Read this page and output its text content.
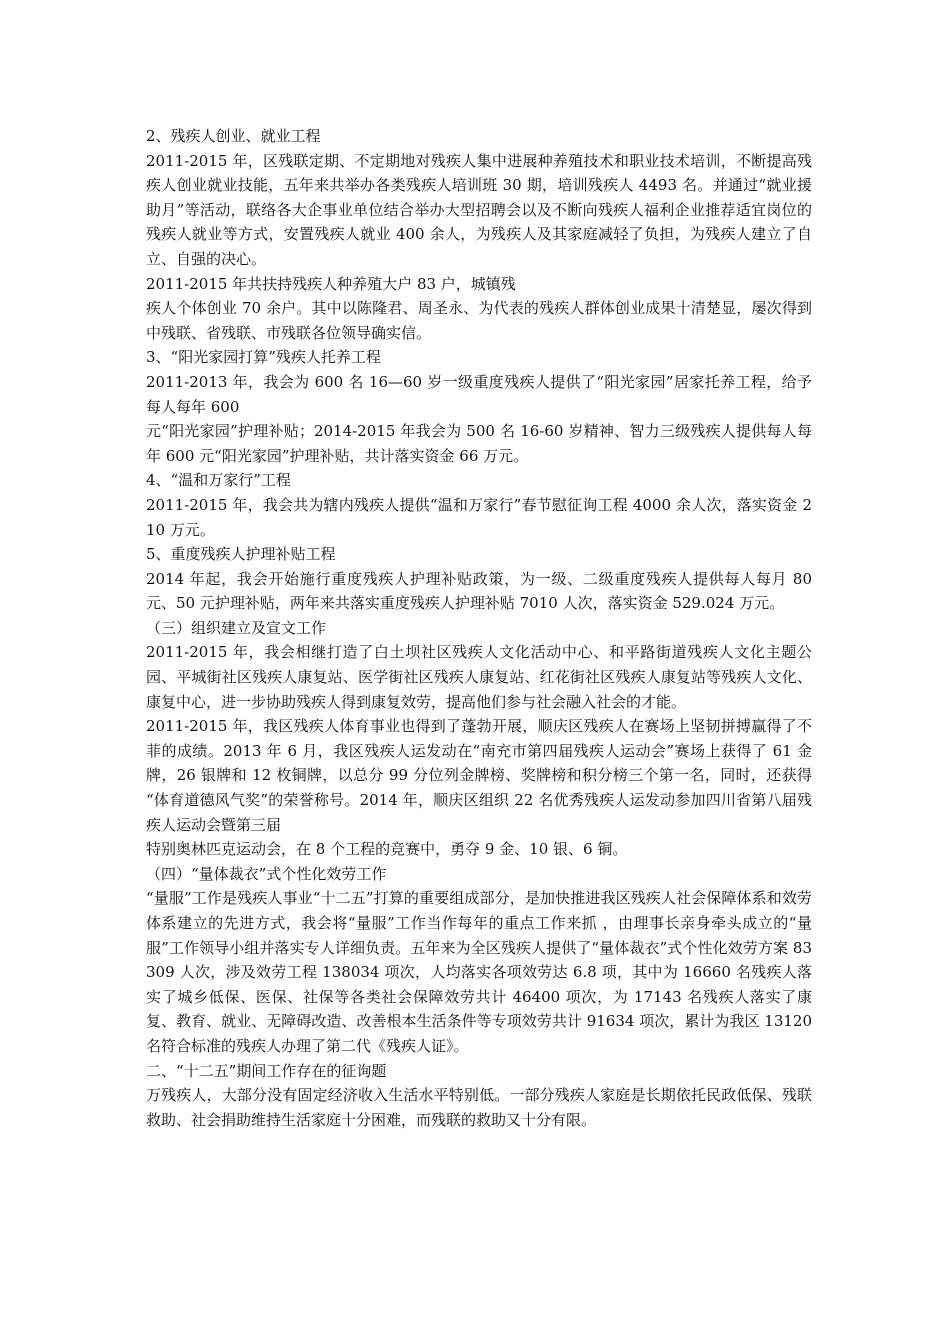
2、残疾人创业、就业工程

2011-2015 年，区残联定期、不定期地对残疾人集中进展种养殖技术和职业技术培训，不断提高残疾人创业就业技能，五年来共举办各类残疾人培训班 30 期，培训残疾人 4493 名。并通过“就业援助月”等活动，联络各大企事业单位结合举办大型招聘会以及不断向残疾人福利企业推荐适宜岗位的残疾人就业等方式，安置残疾人就业 400 余人，为残疾人及其家庭减轻了负担，为残疾人建立了自立、自强的决心。

2011-2015 年共扶持残疾人种养殖大户 83 户，城镇残

疾人个体创业 70 余户。其中以陈隆君、周圣永、为代表的残疾人群体创业成果十清楚显，屡次得到 中残联、省残联、市残联各位领导确实信。

3、“阳光家园打算”残疾人托养工程

2011-2013 年，我会为 600 名 16—60 岁一级重度残疾人提供了“阳光家园”居家托养工程，给予每人每年 600

元“阳光家园”护理补贴；2014-2015 年我会为 500 名 16-60 岁精神、智力三级残疾人提供每人每年 600 元“阳光家园”护理补贴，共计落实资金 66 万元。

4、“温和万家行”工程

2011-2015 年，我会共为辖内残疾人提供“温和万家行”春节慰征询工程 4000 余人次，落实资金 210 万元。

5、重度残疾人护理补贴工程

2014 年起，我会开始施行重度残疾人护理补贴政策，为一级、二级重度残疾人提供每人每月 80 元、50 元护理补贴，两年来共落实重度残疾人护理补贴 7010 人次，落实资金 529.024 万元。

（三）组织建立及宣文工作

2011-2015 年，我会相继打造了白土坝社区残疾人文化活动中心、和平路街道残疾人文化主题公园、平城街社区残疾人康复站、医学街社区残疾人康复站、红花街社区残疾人康复站等残疾人文化、康复中心，进一步协助残疾人得到康复效劳，提高他们参与社会融入社会的才能。

2011-2015 年，我区残疾人体育事业也得到了蓬勃开展，顺庆区残疾人在赛场上坚韧拼搏赢得了不菲的成绩。2013 年 6 月，我区残疾人运发动在“南充市第四届残疾人运动会”赛场上获得了 61 金牌，26 银牌和 12 枚铜牌，以总分 99 分位列金牌榜、奖牌榜和积分榜三个第一名，同时，还获得 “体育道德风气奖”的荣誉称号。2014 年，顺庆区组织 22 名优秀残疾人运发动参加四川省第八届残疾人运动会暨第三届

特别奥林匹克运动会，在 8 个工程的竞赛中，勇夺 9 金、10 银、6 铜。

（四）“量体裁衣”式个性化效劳工作

“量服”工作是残疾人事业“十二五”打算的重要组成部分，是加快推进我区残疾人社会保障体系和效劳体系建立的先进方式，我会将“量服”工作当作每年的重点工作来抓 ，由理事长亲身牵头成立的“量服”工作领导小组并落实专人详细负责。五年来为全区残疾人提供了“量体裁衣”式个性化效劳方案 83309 人次，涉及效劳工程 138034 项次，人均落实各项效劳达 6.8 项，其中为 16660 名残疾人落实了城乡低保、医保、社保等各类社会保障效劳共计 46400 项次，为 17143 名残疾人落实了康复、教育、就业、无障碍改造、改善根本生活条件等专项效劳共计 91634 项次，累计为我区 13120 名符合标准的残疾人办理了第二代《残疾人证》。

二、“十二五”期间工作存在的征询题

万残疾人，大部分没有固定经济收入生活水平特别低。一部分残疾人家庭是长期依托民政低保、残联救助、社会捐助维持生活家庭十分困难，而残联的救助又十分有限。
